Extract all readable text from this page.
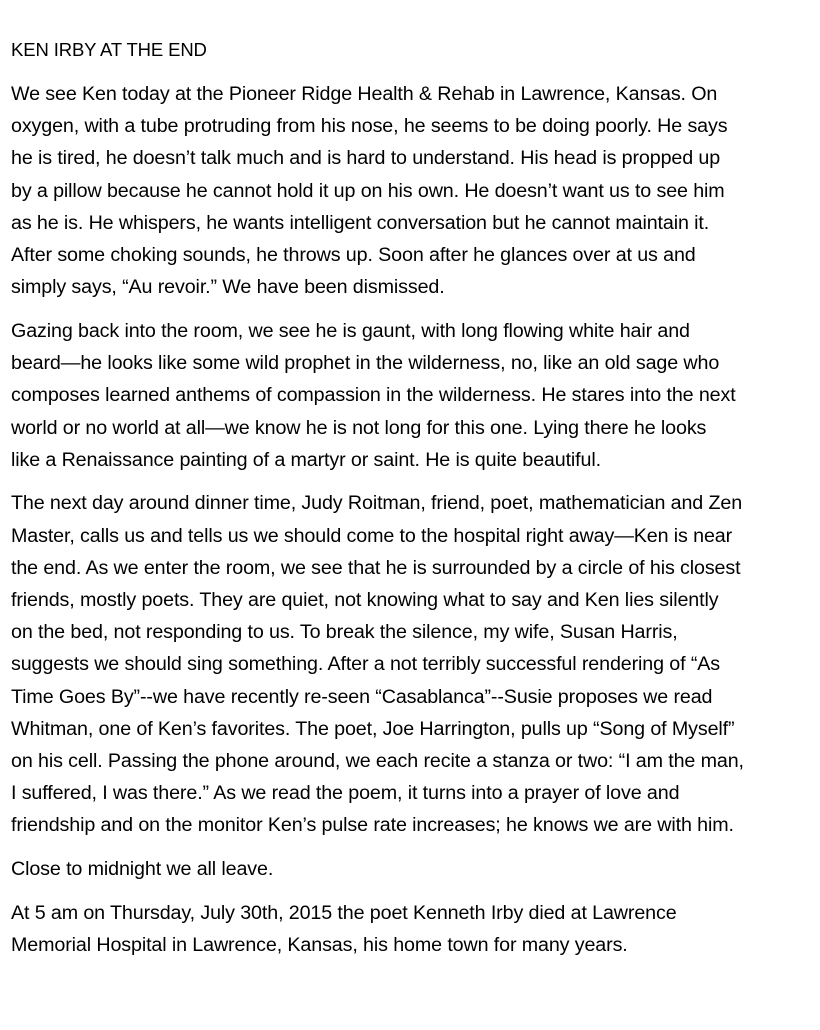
KEN IRBY AT THE END
We see Ken today at the Pioneer Ridge Health & Rehab in Lawrence, Kansas. On
oxygen, with a tube protruding from his nose, he seems to be doing poorly. He says
he is tired, he doesn’t talk much and is hard to understand. His head is propped up
by a pillow because he cannot hold it up on his own. He doesn’t want us to see him
as he is. He whispers, he wants intelligent conversation but he cannot maintain it.
After some choking sounds, he throws up. Soon after he glances over at us and
simply says, “Au revoir.” We have been dismissed.
Gazing back into the room, we see he is gaunt, with long flowing white hair and
beard—he looks like some wild prophet in the wilderness, no, like an old sage who
composes learned anthems of compassion in the wilderness. He stares into the next
world or no world at all—we know he is not long for this one. Lying there he looks
like a Renaissance painting of a martyr or saint. He is quite beautiful.
The next day around dinner time, Judy Roitman, friend, poet, mathematician and Zen
Master, calls us and tells us we should come to the hospital right away—Ken is near
the end. As we enter the room, we see that he is surrounded by a circle of his closest
friends, mostly poets. They are quiet, not knowing what to say and Ken lies silently
on the bed, not responding to us. To break the silence, my wife, Susan Harris,
suggests we should sing something. After a not terribly successful rendering of “As
Time Goes By”--we have recently re-seen “Casablanca”--Susie proposes we read
Whitman, one of Ken’s favorites. The poet, Joe Harrington, pulls up “Song of Myself”
on his cell. Passing the phone around, we each recite a stanza or two: “I am the man,
I suffered, I was there.” As we read the poem, it turns into a prayer of love and
friendship and on the monitor Ken’s pulse rate increases; he knows we are with him.
Close to midnight we all leave.
At 5 am on Thursday, July 30th, 2015 the poet Kenneth Irby died at Lawrence
Memorial Hospital in Lawrence, Kansas, his home town for many years.
